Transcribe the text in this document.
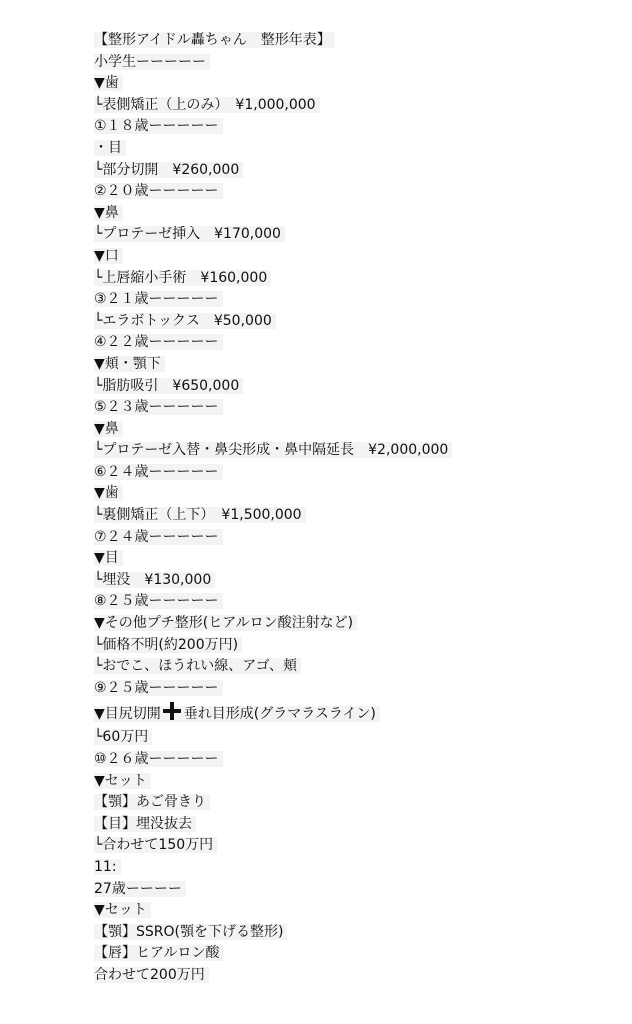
【整形アイドル轟ちゃん　整形年表】
小学生ーーーーー
▼歯
└表側矯正（上のみ）　¥1,000,000
①１８歳ーーーーー
・目
└部分切開　¥260,000
②２０歳ーーーーー
▼鼻
└プロテーゼ挿入　¥170,000
▼口
└上唇縮小手術　¥160,000
③２１歳ーーーーー
└エラボトックス　¥50,000
④２２歳ーーーーー
▼頬・顎下
└脂肪吸引　¥650,000
⑤２３歳ーーーーー
▼鼻
└プロテーゼ入替・鼻尖形成・鼻中隔延長　¥2,000,000
⑥２４歳ーーーーー
▼歯
└裏側矯正（上下）　¥1,500,000
⑦２４歳ーーーーー
▼目
└埋没　¥130,000
⑧２５歳ーーーーー
▼その他プチ整形(ヒアルロン酸注射など)
└価格不明(約200万円)
└おでこ、ほうれい線、アゴ、頬
⑨２５歳ーーーーー
▼目尻切開 垂れ目形成(グラマラスライン)
└60万円
⑩２６歳ーーーーー
▼セット
【顎】あご骨きり
【目】埋没抜去
└合わせて150万円
11:
27歳ーーーー
▼セット
【顎】SSRO(顎を下げる整形)
【唇】ヒアルロン酸
合わせて200万円
